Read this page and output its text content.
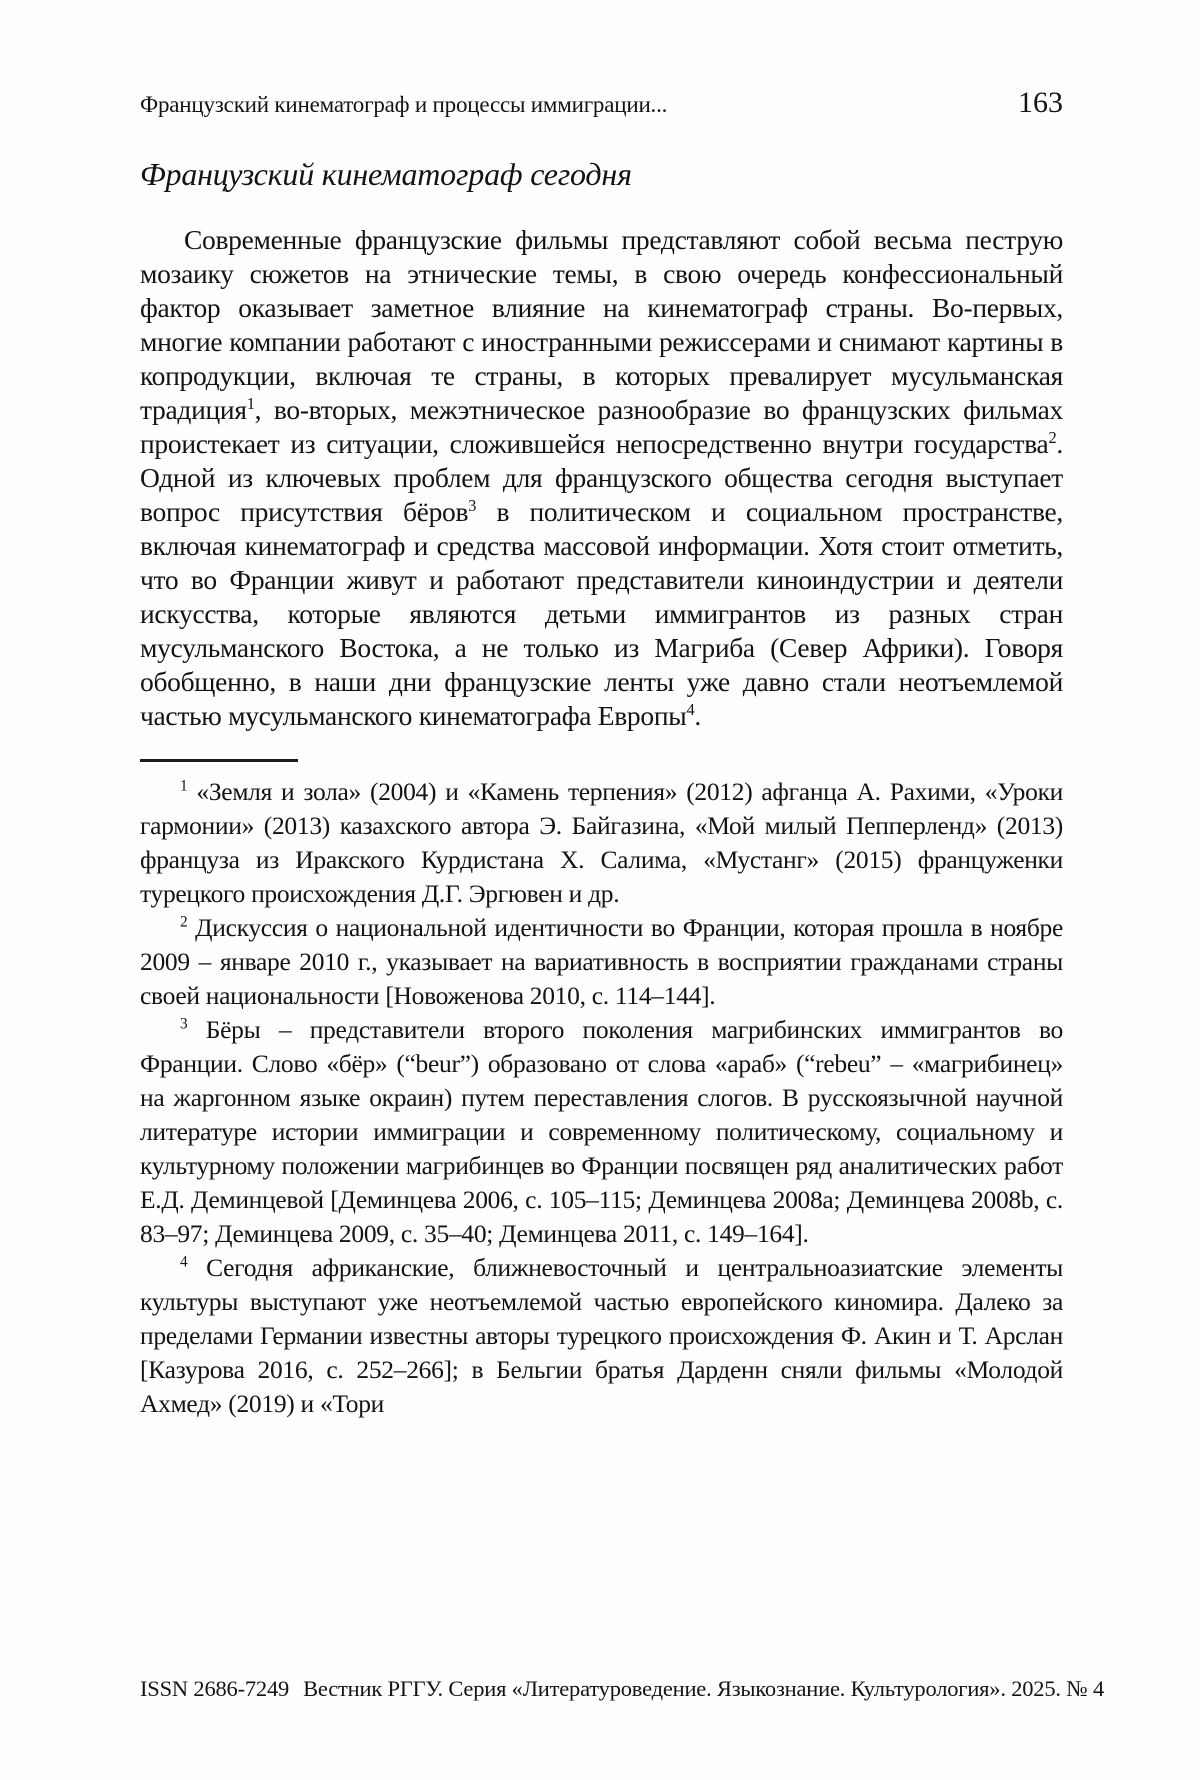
Французский кинематограф и процессы иммиграции...	163
Французский кинематограф сегодня

Современные французские фильмы представляют собой весьма пеструю мозаику сюжетов на этнические темы, в свою очередь конфессиональный фактор оказывает заметное влияние на кинематограф страны. Во-первых, многие компании работают с иностранными режиссерами и снимают картины в копродукции, включая те страны, в которых превалирует мусульманская традиция$^1$, во-вторых, межэтническое разнообразие во французских фильмах проистекает из ситуации, сложившейся непосредственно внутри государства$^2$. Одной из ключевых проблем для французского общества сегодня выступает вопрос присутствия бёров$^3$ в политическом и социальном пространстве, включая кинематограф и средства массовой информации. Хотя стоит отметить, что во Франции живут и работают представители киноиндустрии и деятели искусства, которые являются детьми иммигрантов из разных стран мусульманского Востока, а не только из Магриба (Север Африки). Говоря обобщенно, в наши дни французские ленты уже давно стали неотъемлемой частью мусульманского кинематографа Европы$^4$.

$^1$ «Земля и зола» (2004) и «Камень терпения» (2012) афганца А. Рахими, «Уроки гармонии» (2013) казахского автора Э. Байгазина, «Мой милый Пепперленд» (2013) француза из Иракского Курдистана Х. Салима, «Мустанг» (2015) француженки турецкого происхождения Д.Г. Эргювен и др.

$^2$ Дискуссия о национальной идентичности во Франции, которая прошла в ноябре 2009 – январе 2010 г., указывает на вариативность в восприятии гражданами страны своей национальности [Новоженова 2010, с. 114–144].

$^3$ Бёры – представители второго поколения магрибинских иммигрантов во Франции. Слово «бёр» (“beur”) образовано от слова «араб» (“rebeu” – «магрибинец» на жаргонном языке окраин) путем переставления слогов. В русскоязычной научной литературе истории иммиграции и современному политическому, социальному и культурному положении магрибинцев во Франции посвящен ряд аналитических работ Е.Д. Деминцевой [Деминцева 2006, с. 105–115; Деминцева 2008a; Деминцева 2008b, с. 83–97; Деминцева 2009, с. 35–40; Деминцева 2011, с. 149–164].

$^4$ Сегодня африканские, ближневосточный и центральноазиатские элементы культуры выступают уже неотъемлемой частью европейского киномира. Далеко за пределами Германии известны авторы турецкого происхождения Ф. Акин и Т. Арслан [Казурова 2016, с. 252–266]; в Бельгии братья Дарденн сняли фильмы «Молодой Ахмед» (2019) и «Тори

ISSN 2686-7249 Вестник РГГУ. Серия «Литературоведение. Языкознание. Культурология». 2025. № 4
